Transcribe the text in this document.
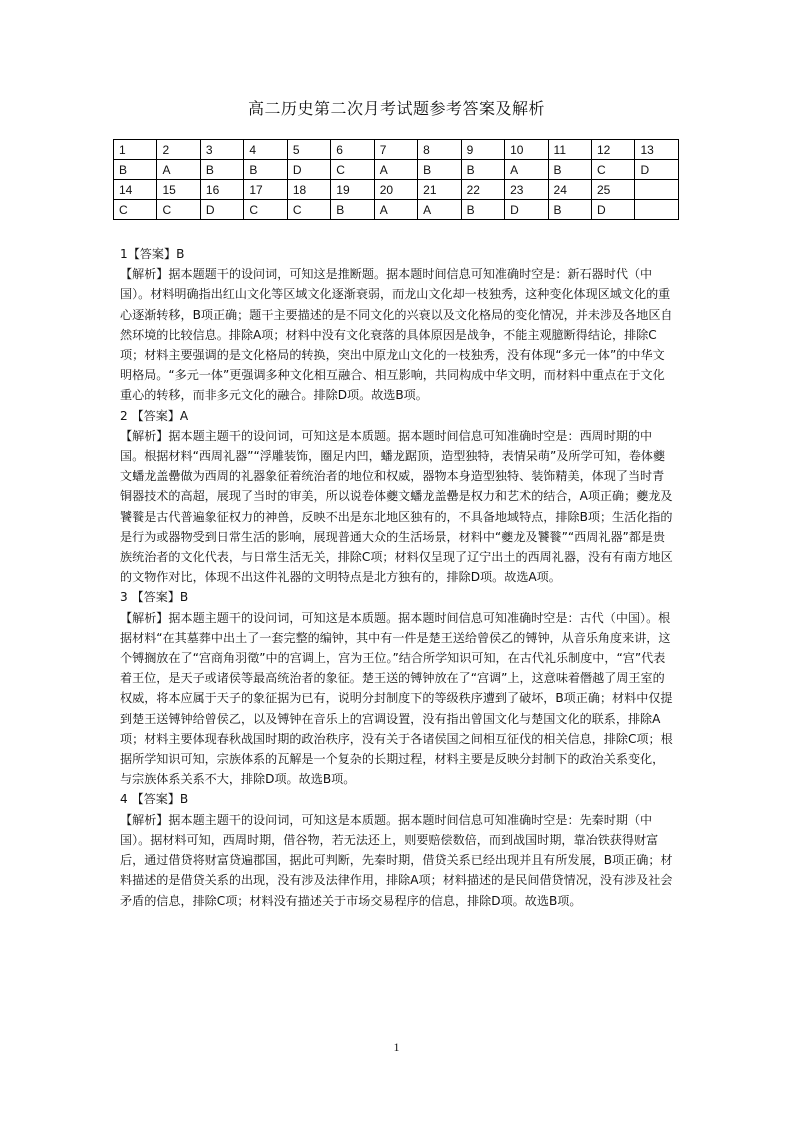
高二历史第二次月考试题参考答案及解析
1	2	3	4	5	6	7	8	9	10	11	12	13
B	A	B	B	D	C	A	B	B	A	B	C	D
14	15	16	17	18	19	20	21	22	23	24	25	
C	C	D	C	C	B	A	A	B	D	B	D	

1【答案】B

【解析】据本题题干的设问词，可知这是推断题。据本题时间信息可知准确时空是：新石器时代（中国）。材料明确指出红山文化等区域文化逐渐衰弱，而龙山文化却一枝独秀，这种变化体现区域文化的重心逐渐转移，B项正确；题干主要描述的是不同文化的兴衰以及文化格局的变化情况，并未涉及各地区自然环境的比较信息。排除A项；材料中没有文化衰落的具体原因是战争，不能主观臆断得结论，排除C项；材料主要强调的是文化格局的转换，突出中原龙山文化的一枝独秀，没有体现“多元一体”的中华文明格局。“多元一体”更强调多种文化相互融合、相互影响，共同构成中华文明，而材料中重点在于文化重心的转移，而非多元文化的融合。排除D项。故选B项。

2 【答案】A

【解析】据本题主题干的设问词，可知这是本质题。据本题时间信息可知准确时空是：西周时期的中国。根据材料“西周礼器”“浮雕装饰，圈足内凹，蟠龙踞顶，造型独特，表情呆萌”及所学可知，卷体夔文蟠龙盖罍做为西周的礼器象征着统治者的地位和权威，器物本身造型独特、装饰精美，体现了当时青铜器技术的高超，展现了当时的审美，所以说卷体夔文蟠龙盖罍是权力和艺术的结合，A项正确；夔龙及饕餮是古代普遍象征权力的神兽，反映不出是东北地区独有的，不具备地域特点，排除B项；生活化指的是行为或器物受到日常生活的影响，展现普通大众的生活场景，材料中“夔龙及饕餮”“西周礼器”都是贵族统治者的文化代表，与日常生活无关，排除C项；材料仅呈现了辽宁出土的西周礼器，没有有南方地区的文物作对比，体现不出这件礼器的文明特点是北方独有的，排除D项。故选A项。

3 【答案】B

【解析】据本题主题干的设问词，可知这是本质题。据本题时间信息可知准确时空是：古代（中国）。根据材料“在其墓葬中出土了一套完整的编钟，其中有一件是楚王送给曾侯乙的镈钟，从音乐角度来讲，这个镈搁放在了“宫商角羽徵”中的宫调上，宫为王位。”结合所学知识可知，在古代礼乐制度中，“宫”代表着王位，是天子或诸侯等最高统治者的象征。楚王送的镈钟放在了“宫调”上，这意味着僭越了周王室的权威，将本应属于天子的象征据为已有，说明分封制度下的等级秩序遭到了破坏，B项正确；材料中仅提到楚王送镈钟给曾侯乙，以及镈钟在音乐上的宫调设置，没有指出曾国文化与楚国文化的联系，排除A项；材料主要体现春秋战国时期的政治秩序，没有关于各诸侯国之间相互征伐的相关信息，排除C项；根据所学知识可知，宗族体系的瓦解是一个复杂的长期过程，材料主要是反映分封制下的政治关系变化，与宗族体系关系不大，排除D项。故选B项。

4 【答案】B

【解析】据本题主题干的设问词，可知这是本质题。据本题时间信息可知准确时空是：先秦时期（中国）。据材料可知，西周时期，借谷物，若无法还上，则要赔偿数倍，而到战国时期，靠冶铁获得财富后，通过借贷将财富贷遍郡国，据此可判断，先秦时期，借贷关系已经出现并且有所发展，B项正确；材料描述的是借贷关系的出现，没有涉及法律作用，排除A项；材料描述的是民间借贷情况，没有涉及社会矛盾的信息，排除C项；材料没有描述关于市场交易程序的信息，排除D项。故选B项。

1
